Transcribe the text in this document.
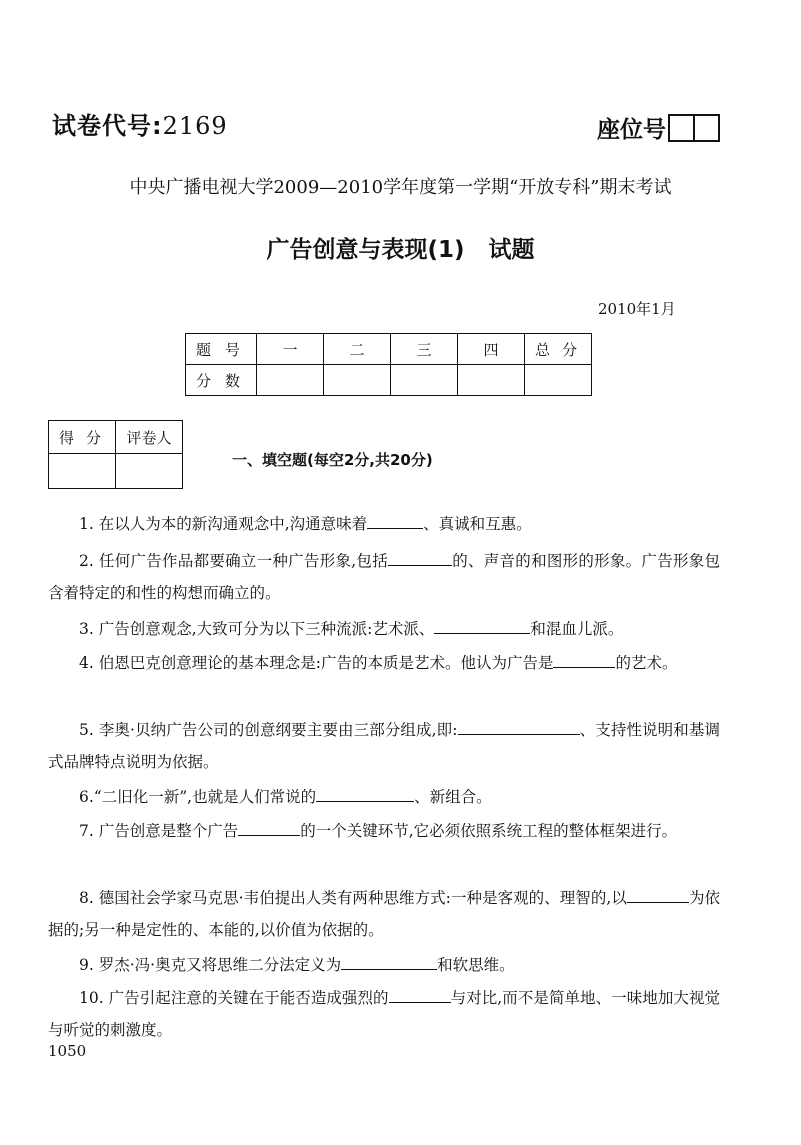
试卷代号:2169	座位号
中央广播电视大学2009—2010学年度第一学期“开放专科”期末考试
广告创意与表现(1) 试题
2010年1月
题号	一	二	三	四	总分
分数					
得分	评卷人

一、填空题(每空2分,共20分)
1. 在以人为本的新沟通观念中,沟通意味着	、真诚和互惠。
2. 任何广告作品都要确立一种广告形象,包括	的、声音的和图形的形象。广告形象包含着特定的和性的构想而确立的。
3. 广告创意观念,大致可分为以下三种流派:艺术派、	和混血儿派。
4. 伯恩巴克创意理论的基本理念是:广告的本质是艺术。他认为广告是	的艺术。
5. 李奥·贝纳广告公司的创意纲要主要由三部分组成,即:	、支持性说明和基调式品牌特点说明为依据。
6.“二旧化一新”,也就是人们常说的	、新组合。
7. 广告创意是整个广告	的一个关键环节,它必须依照系统工程的整体框架进行。
8. 德国社会学家马克思·韦伯提出人类有两种思维方式:一种是客观的、理智的,以	为依据的;另一种是定性的、本能的,以价值为依据的。
9. 罗杰·冯·奥克又将思维二分法定义为	和软思维。
10. 广告引起注意的关键在于能否造成强烈的	与对比,而不是简单地、一味地加大视觉与听觉的刺激度。
1050
